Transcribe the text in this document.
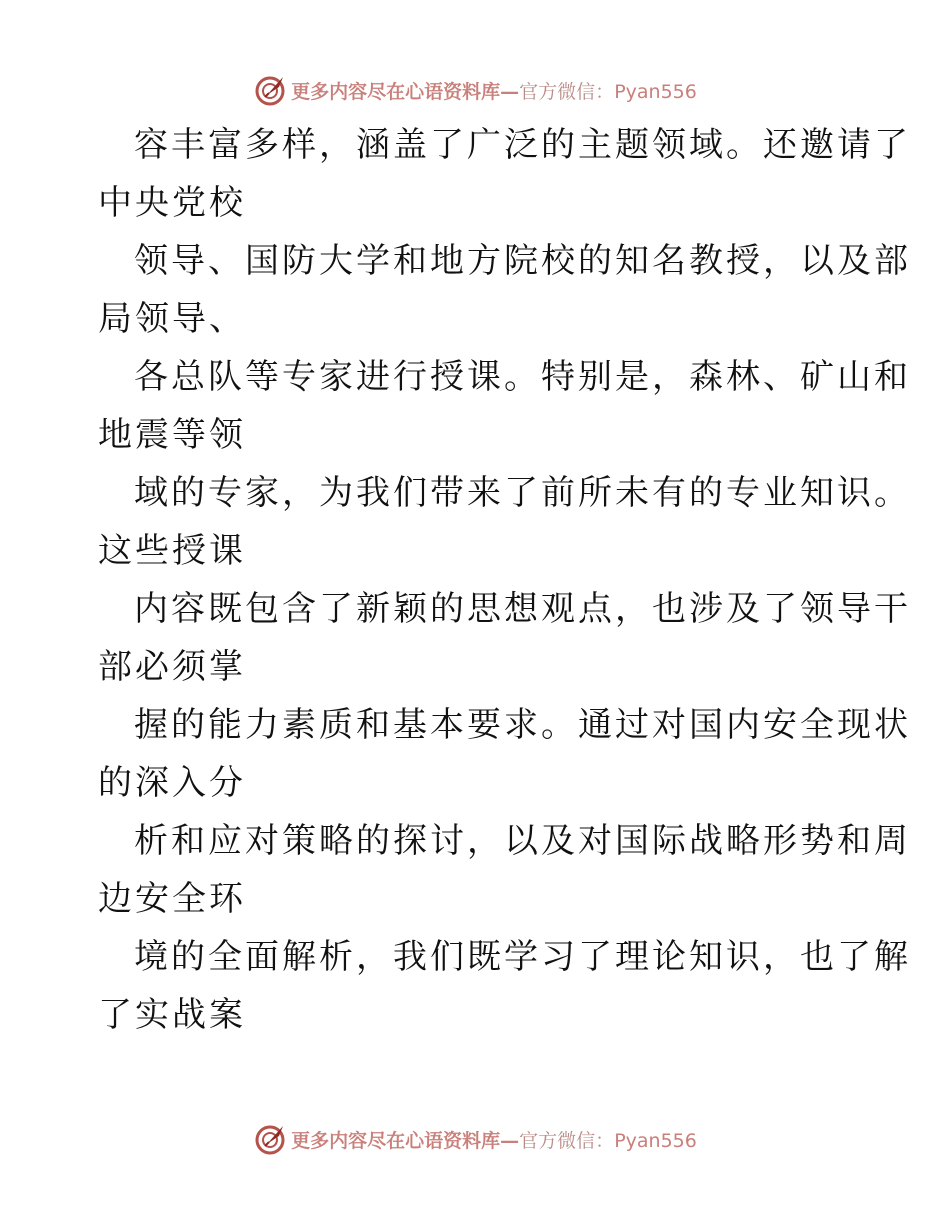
更多内容尽在心语资料库—官方微信：Pyan556
容丰富多样，涵盖了广泛的主题领域。还邀请了
中央党校
领导、国防大学和地方院校的知名教授，以及部
局领导、
各总队等专家进行授课。特别是，森林、矿山和
地震等领
域的专家，为我们带来了前所未有的专业知识。
这些授课
内容既包含了新颖的思想观点，也涉及了领导干
部必须掌
握的能力素质和基本要求。通过对国内安全现状
的深入分
析和应对策略的探讨，以及对国际战略形势和周
边安全环
境的全面解析，我们既学习了理论知识，也了解
了实战案
更多内容尽在心语资料库—官方微信：Pyan556
